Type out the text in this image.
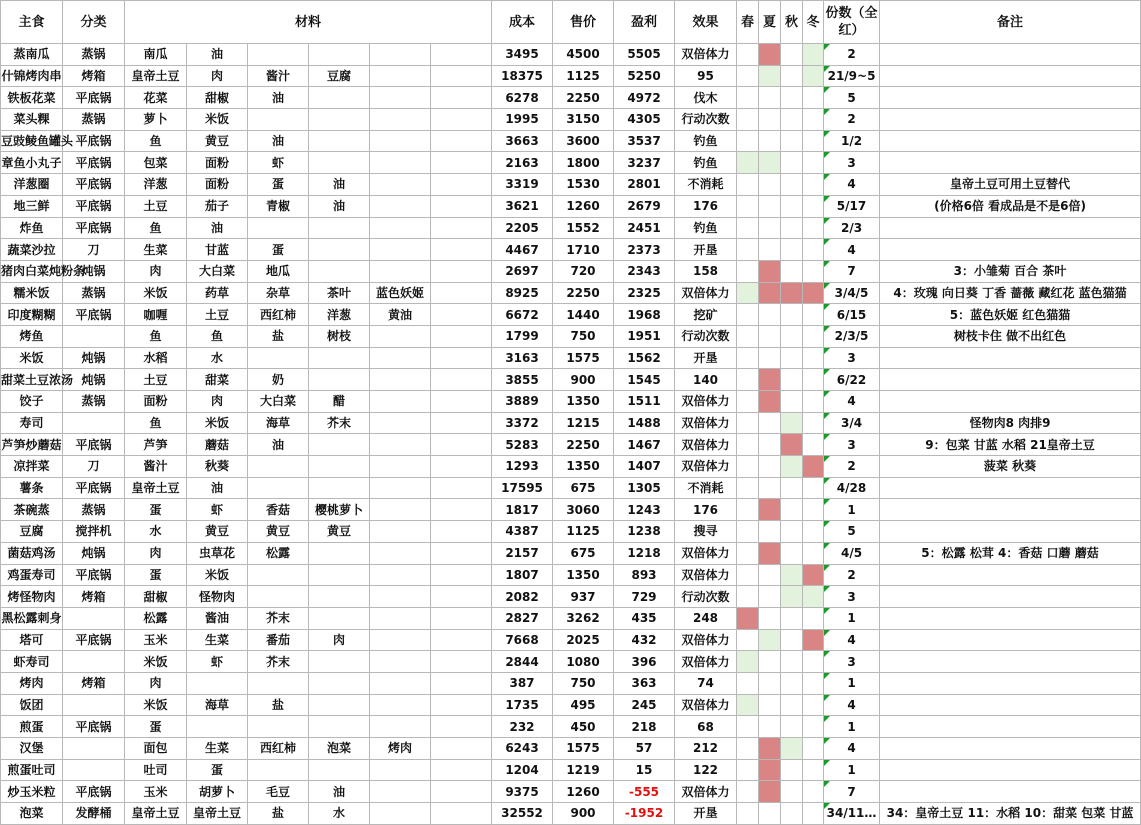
主食	分类	材料						成本	售价	盈利	效果	春	夏	秋	冬	份数（全红）	备注
蒸南瓜	蒸锅	南瓜	油					3495	4500	5505	双倍体力					2	
什锦烤肉串	烤箱	皇帝土豆	肉	酱汁	豆腐			18375	1125	5250	95					21/9~5	
铁板花菜	平底锅	花菜	甜椒	油				6278	2250	4972	伐木					5	
菜头粿	蒸锅	萝卜	米饭					1995	3150	4305	行动次数					2	
豆豉鲮鱼罐头	平底锅	鱼	黄豆	油				3663	3600	3537	钓鱼					1/2	
章鱼小丸子	平底锅	包菜	面粉	虾				2163	1800	3237	钓鱼					3	
洋葱圈	平底锅	洋葱	面粉	蛋	油			3319	1530	2801	不消耗					4	皇帝土豆可用土豆替代
地三鲜	平底锅	土豆	茄子	青椒	油			3621	1260	2679	176					5/17	(价格6倍 看成品是不是6倍)
炸鱼	平底锅	鱼	油					2205	1552	2451	钓鱼					2/3	
蔬菜沙拉	刀	生菜	甘蓝	蛋				4467	1710	2373	开垦					4	
猪肉白菜炖粉条	炖锅	肉	大白菜	地瓜				2697	720	2343	158					7	3：小雏菊 百合 茶叶
糯米饭	蒸锅	米饭	药草	杂草	茶叶	蓝色妖姬		8925	2250	2325	双倍体力					3/4/5	4：玫瑰 向日葵 丁香 蔷薇 藏红花 蓝色猫猫
印度糊糊	平底锅	咖喱	土豆	西红柿	洋葱	黄油		6672	1440	1968	挖矿					6/15	5：蓝色妖姬 红色猫猫
烤鱼		鱼	鱼	盐	树枝			1799	750	1951	行动次数					2/3/5	树枝卡住 做不出红色
米饭	炖锅	水稻	水					3163	1575	1562	开垦					3	
甜菜土豆浓汤	炖锅	土豆	甜菜	奶				3855	900	1545	140					6/22	
饺子	蒸锅	面粉	肉	大白菜	醋			3889	1350	1511	双倍体力					4	
寿司		鱼	米饭	海草	芥末			3372	1215	1488	双倍体力					3/4	怪物肉8 肉排9
芦笋炒蘑菇	平底锅	芦笋	蘑菇	油				5283	2250	1467	双倍体力					3	9：包菜 甘蓝 水稻 21皇帝土豆
凉拌菜	刀	酱汁	秋葵					1293	1350	1407	双倍体力					2	菠菜 秋葵
薯条	平底锅	皇帝土豆	油					17595	675	1305	不消耗					4/28	
茶碗蒸	蒸锅	蛋	虾	香菇	樱桃萝卜			1817	3060	1243	176					1	
豆腐	搅拌机	水	黄豆	黄豆	黄豆			4387	1125	1238	搜寻					5	
菌菇鸡汤	炖锅	肉	虫草花	松露				2157	675	1218	双倍体力					4/5	5：松露 松茸 4：香菇 口蘑 蘑菇
鸡蛋寿司	平底锅	蛋	米饭					1807	1350	893	双倍体力					2	
烤怪物肉	烤箱	甜椒	怪物肉					2082	937	729	行动次数					3	
黑松露刺身		松露	酱油	芥末				2827	3262	435	248					1	
塔可	平底锅	玉米	生菜	番茄	肉			7668	2025	432	双倍体力					4	
虾寿司		米饭	虾	芥末				2844	1080	396	双倍体力					3	
烤肉	烤箱	肉						387	750	363	74					1	
饭团		米饭	海草	盐				1735	495	245	双倍体力					4	
煎蛋	平底锅	蛋						232	450	218	68					1	
汉堡		面包	生菜	西红柿	泡菜	烤肉		6243	1575	57	212					4	
煎蛋吐司		吐司	蛋					1204	1219	15	122					1	
炒玉米粒	平底锅	玉米	胡萝卜	毛豆	油			9375	1260	-555	双倍体力					7	
泡菜	发酵桶	皇帝土豆	皇帝土豆	盐	水			32552	900	-1952	开垦					34/11…	34：皇帝土豆 11：水稻 10：甜菜 包菜 甘蓝
